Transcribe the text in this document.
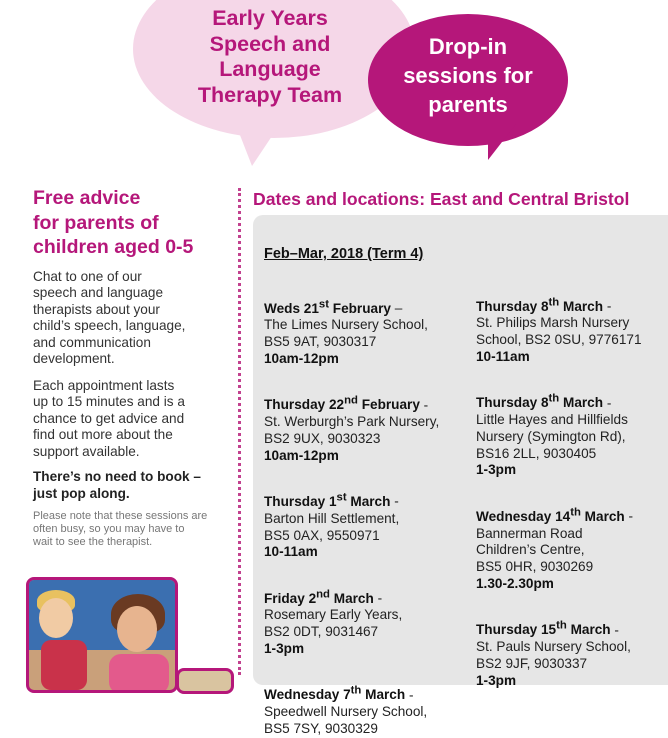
Early Years
Speech and
Language
Therapy Team
Drop-in
sessions for
parents
Free advice
for parents of
children aged 0-5
Chat to one of our
speech and language
therapists about your
child’s speech, language,
and communication
development.
Each appointment lasts
up to 15 minutes and is a
chance to get advice and
find out more about the
support available.
There’s no need to book –
just pop along.
Please note that these sessions are
often busy, so you may have to
wait to see the therapist.
Dates and locations: East and Central Bristol
Feb–Mar, 2018 (Term 4)
Weds 21st February –
The Limes Nursery School,
BS5 9AT, 9030317
10am-12pm
Thursday 22nd February -
St. Werburgh’s Park Nursery,
BS2 9UX, 9030323
10am-12pm
Thursday 1st March -
Barton Hill Settlement,
BS5 0AX, 9550971
10-11am
Friday 2nd March -
Rosemary Early Years,
BS2 0DT, 9031467
1-3pm
Wednesday 7th March -
Speedwell Nursery School,
BS5 7SY, 9030329
Thursday 8th March -
St. Philips Marsh Nursery
School, BS2 0SU, 9776171
10-11am
Thursday 8th March -
Little Hayes and Hillfields
Nursery (Symington Rd),
BS16 2LL, 9030405
1-3pm
Wednesday 14th March -
Bannerman Road
Children’s Centre,
BS5 0HR, 9030269
1.30-2.30pm
Thursday 15th March -
St. Pauls Nursery School,
BS2 9JF, 9030337
1-3pm
